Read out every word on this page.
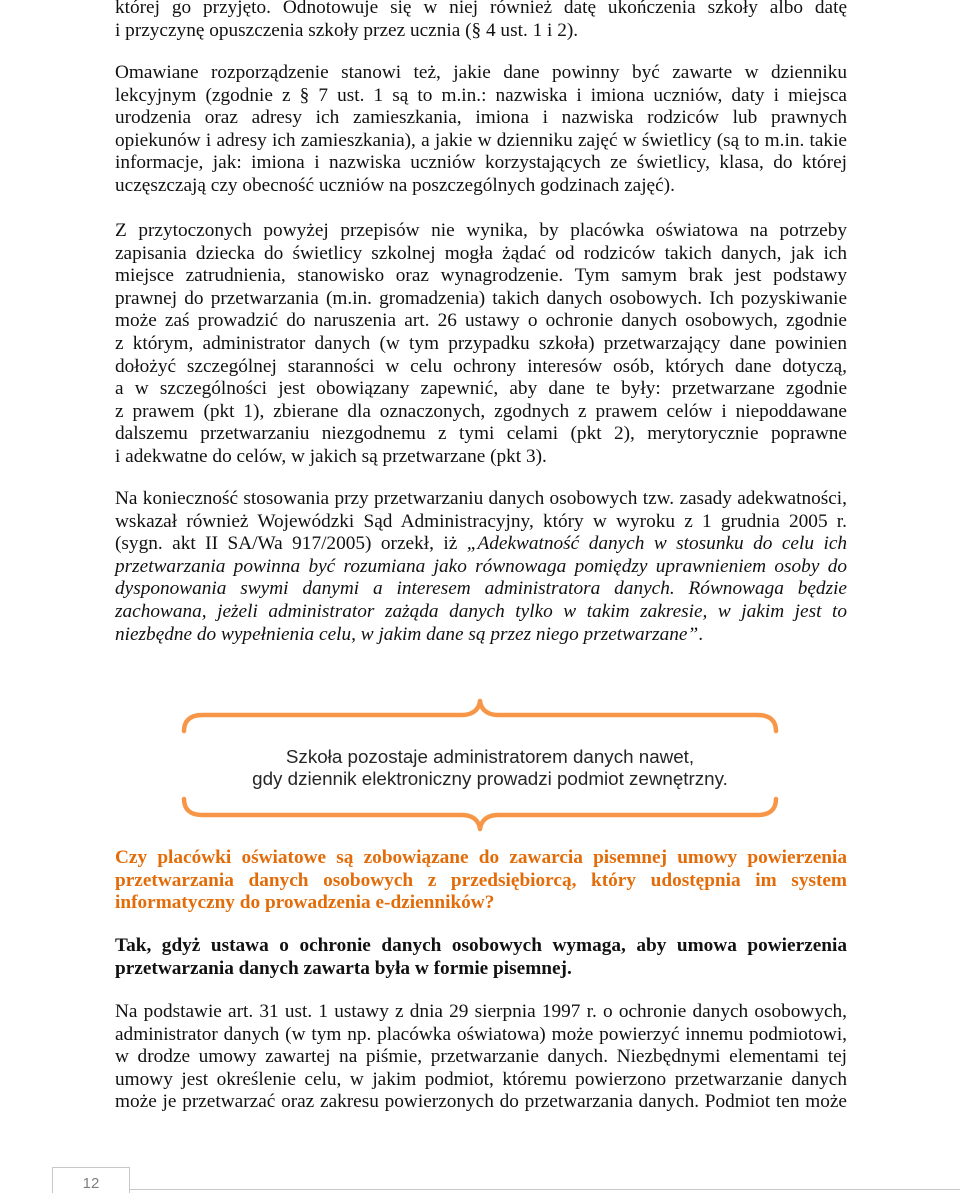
której go przyjęto. Odnotowuje się w niej również datę ukończenia szkoły albo datę
i przyczynę opuszczenia szkoły przez ucznia (§ 4 ust. 1 i 2).
Omawiane rozporządzenie stanowi też, jakie dane powinny być zawarte w dzienniku
lekcyjnym (zgodnie z § 7 ust. 1 są to m.in.: nazwiska i imiona uczniów, daty i miejsca
urodzenia oraz adresy ich zamieszkania, imiona i nazwiska rodziców lub prawnych
opiekunów i adresy ich zamieszkania), a jakie w dzienniku zajęć w świetlicy (są to m.in. takie
informacje, jak: imiona i nazwiska uczniów korzystających ze świetlicy, klasa, do której
uczęszczają czy obecność uczniów na poszczególnych godzinach zajęć).
Z przytoczonych powyżej przepisów nie wynika, by placówka oświatowa na potrzeby
zapisania dziecka do świetlicy szkolnej mogła żądać od rodziców takich danych, jak ich
miejsce zatrudnienia, stanowisko oraz wynagrodzenie. Tym samym brak jest podstawy
prawnej do przetwarzania (m.in. gromadzenia) takich danych osobowych. Ich pozyskiwanie
może zaś prowadzić do naruszenia art. 26 ustawy o ochronie danych osobowych, zgodnie
z którym, administrator danych (w tym przypadku szkoła) przetwarzający dane powinien
dołożyć szczególnej staranności w celu ochrony interesów osób, których dane dotyczą,
a w szczególności jest obowiązany zapewnić, aby dane te były: przetwarzane zgodnie
z prawem (pkt 1), zbierane dla oznaczonych, zgodnych z prawem celów i niepoddawane
dalszemu przetwarzaniu niezgodnemu z tymi celami (pkt 2), merytorycznie poprawne
i adekwatne do celów, w jakich są przetwarzane (pkt 3).
Na konieczność stosowania przy przetwarzaniu danych osobowych tzw. zasady adekwatności,
wskazał również Wojewódzki Sąd Administracyjny, który w wyroku z 1 grudnia 2005 r.
(sygn. akt II SA/Wa 917/2005) orzekł, iż „Adekwatność danych w stosunku do celu ich
przetwarzania powinna być rozumiana jako równowaga pomiędzy uprawnieniem osoby do
dysponowania swymi danymi a interesem administratora danych. Równowaga będzie
zachowana, jeżeli administrator zażąda danych tylko w takim zakresie, w jakim jest to
niezbędne do wypełnienia celu, w jakim dane są przez niego przetwarzane”.
Szkoła pozostaje administratorem danych nawet,
gdy dziennik elektroniczny prowadzi podmiot zewnętrzny.
Czy placówki oświatowe są zobowiązane do zawarcia pisemnej umowy powierzenia
przetwarzania danych osobowych z przedsiębiorcą, który udostępnia im system
informatyczny do prowadzenia e-dzienników?
Tak, gdyż ustawa o ochronie danych osobowych wymaga, aby umowa powierzenia
przetwarzania danych zawarta była w formie pisemnej.
Na podstawie art. 31 ust. 1 ustawy z dnia 29 sierpnia 1997 r. o ochronie danych osobowych,
administrator danych (w tym np. placówka oświatowa) może powierzyć innemu podmiotowi,
w drodze umowy zawartej na piśmie, przetwarzanie danych. Niezbędnymi elementami tej
umowy jest określenie celu, w jakim podmiot, któremu powierzono przetwarzanie danych
może je przetwarzać oraz zakresu powierzonych do przetwarzania danych. Podmiot ten może
12
